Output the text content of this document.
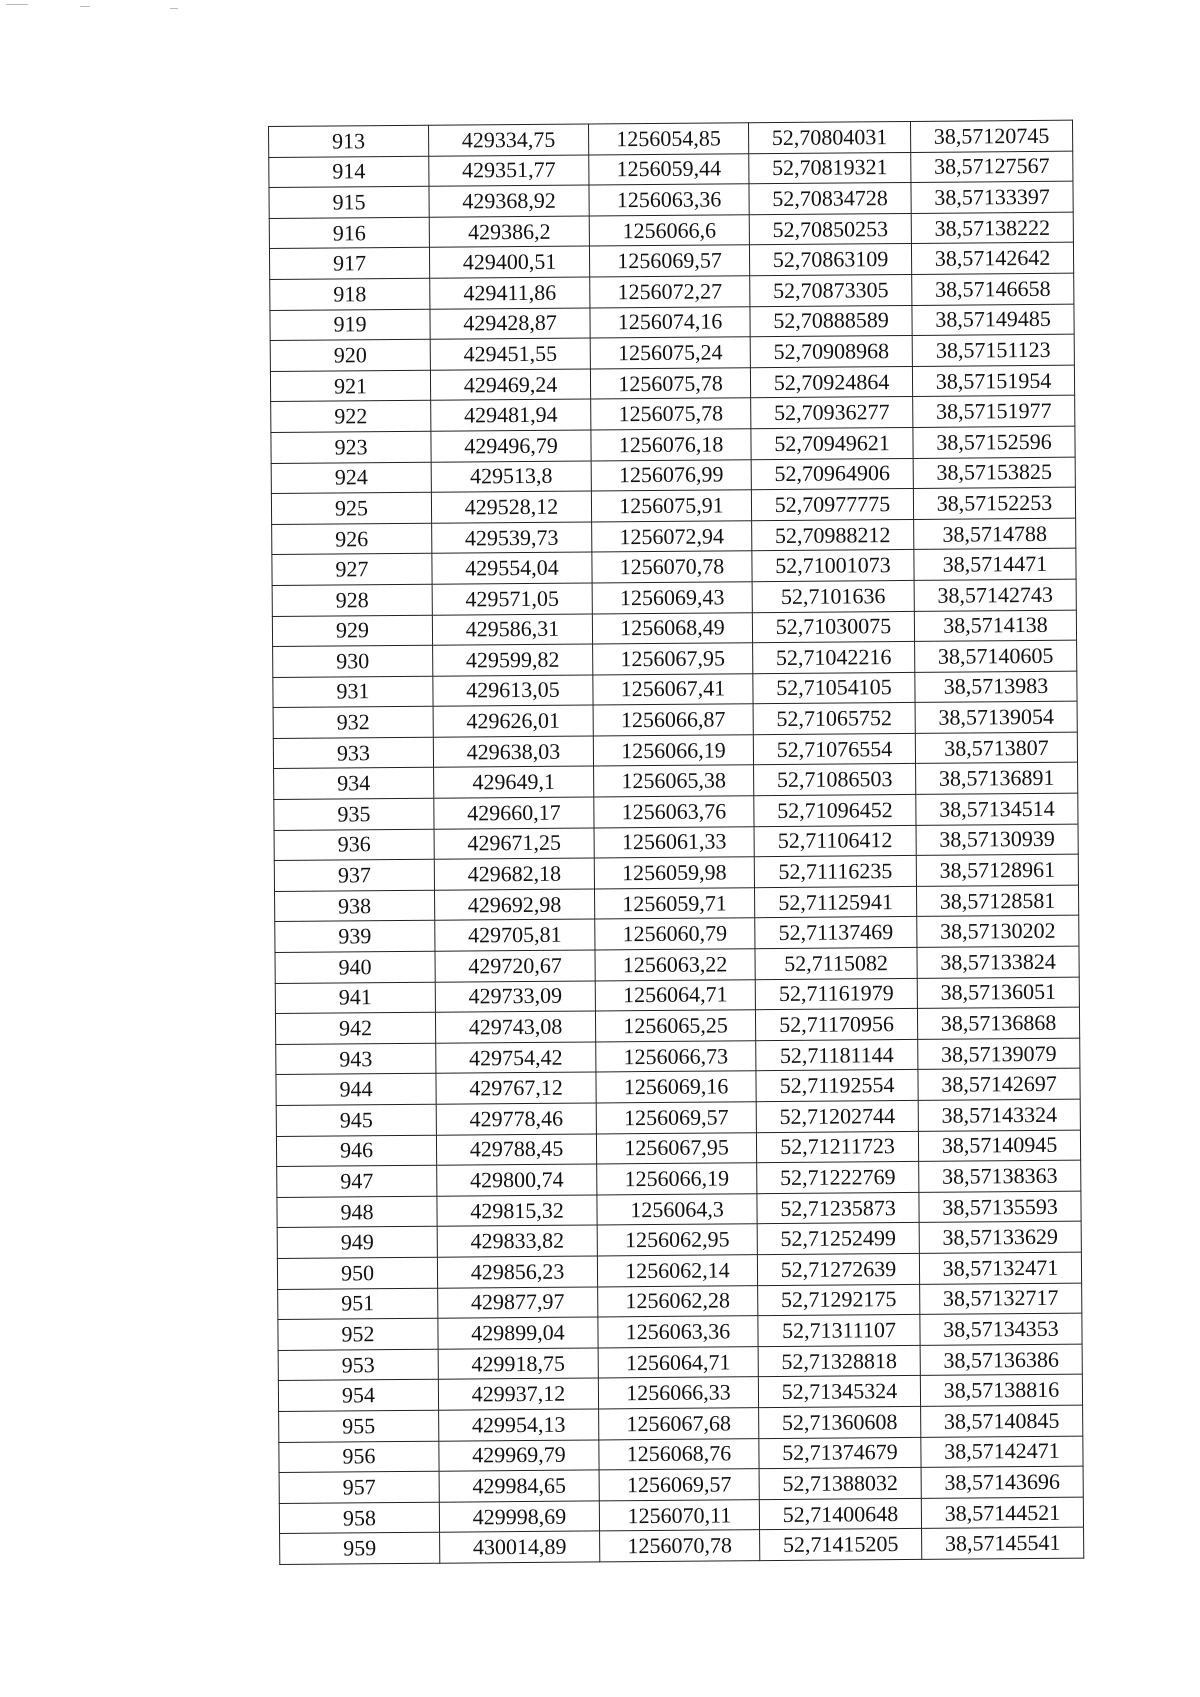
913	429334,75	1256054,85	52,70804031	38,57120745
914	429351,77	1256059,44	52,70819321	38,57127567
915	429368,92	1256063,36	52,70834728	38,57133397
916	429386,2	1256066,6	52,70850253	38,57138222
917	429400,51	1256069,57	52,70863109	38,57142642
918	429411,86	1256072,27	52,70873305	38,57146658
919	429428,87	1256074,16	52,70888589	38,57149485
920	429451,55	1256075,24	52,70908968	38,57151123
921	429469,24	1256075,78	52,70924864	38,57151954
922	429481,94	1256075,78	52,70936277	38,57151977
923	429496,79	1256076,18	52,70949621	38,57152596
924	429513,8	1256076,99	52,70964906	38,57153825
925	429528,12	1256075,91	52,70977775	38,57152253
926	429539,73	1256072,94	52,70988212	38,5714788
927	429554,04	1256070,78	52,71001073	38,5714471
928	429571,05	1256069,43	52,7101636	38,57142743
929	429586,31	1256068,49	52,71030075	38,5714138
930	429599,82	1256067,95	52,71042216	38,57140605
931	429613,05	1256067,41	52,71054105	38,5713983
932	429626,01	1256066,87	52,71065752	38,57139054
933	429638,03	1256066,19	52,71076554	38,5713807
934	429649,1	1256065,38	52,71086503	38,57136891
935	429660,17	1256063,76	52,71096452	38,57134514
936	429671,25	1256061,33	52,71106412	38,57130939
937	429682,18	1256059,98	52,71116235	38,57128961
938	429692,98	1256059,71	52,71125941	38,57128581
939	429705,81	1256060,79	52,71137469	38,57130202
940	429720,67	1256063,22	52,7115082	38,57133824
941	429733,09	1256064,71	52,71161979	38,57136051
942	429743,08	1256065,25	52,71170956	38,57136868
943	429754,42	1256066,73	52,71181144	38,57139079
944	429767,12	1256069,16	52,71192554	38,57142697
945	429778,46	1256069,57	52,71202744	38,57143324
946	429788,45	1256067,95	52,71211723	38,57140945
947	429800,74	1256066,19	52,71222769	38,57138363
948	429815,32	1256064,3	52,71235873	38,57135593
949	429833,82	1256062,95	52,71252499	38,57133629
950	429856,23	1256062,14	52,71272639	38,57132471
951	429877,97	1256062,28	52,71292175	38,57132717
952	429899,04	1256063,36	52,71311107	38,57134353
953	429918,75	1256064,71	52,71328818	38,57136386
954	429937,12	1256066,33	52,71345324	38,57138816
955	429954,13	1256067,68	52,71360608	38,57140845
956	429969,79	1256068,76	52,71374679	38,57142471
957	429984,65	1256069,57	52,71388032	38,57143696
958	429998,69	1256070,11	52,71400648	38,57144521
959	430014,89	1256070,78	52,71415205	38,57145541
